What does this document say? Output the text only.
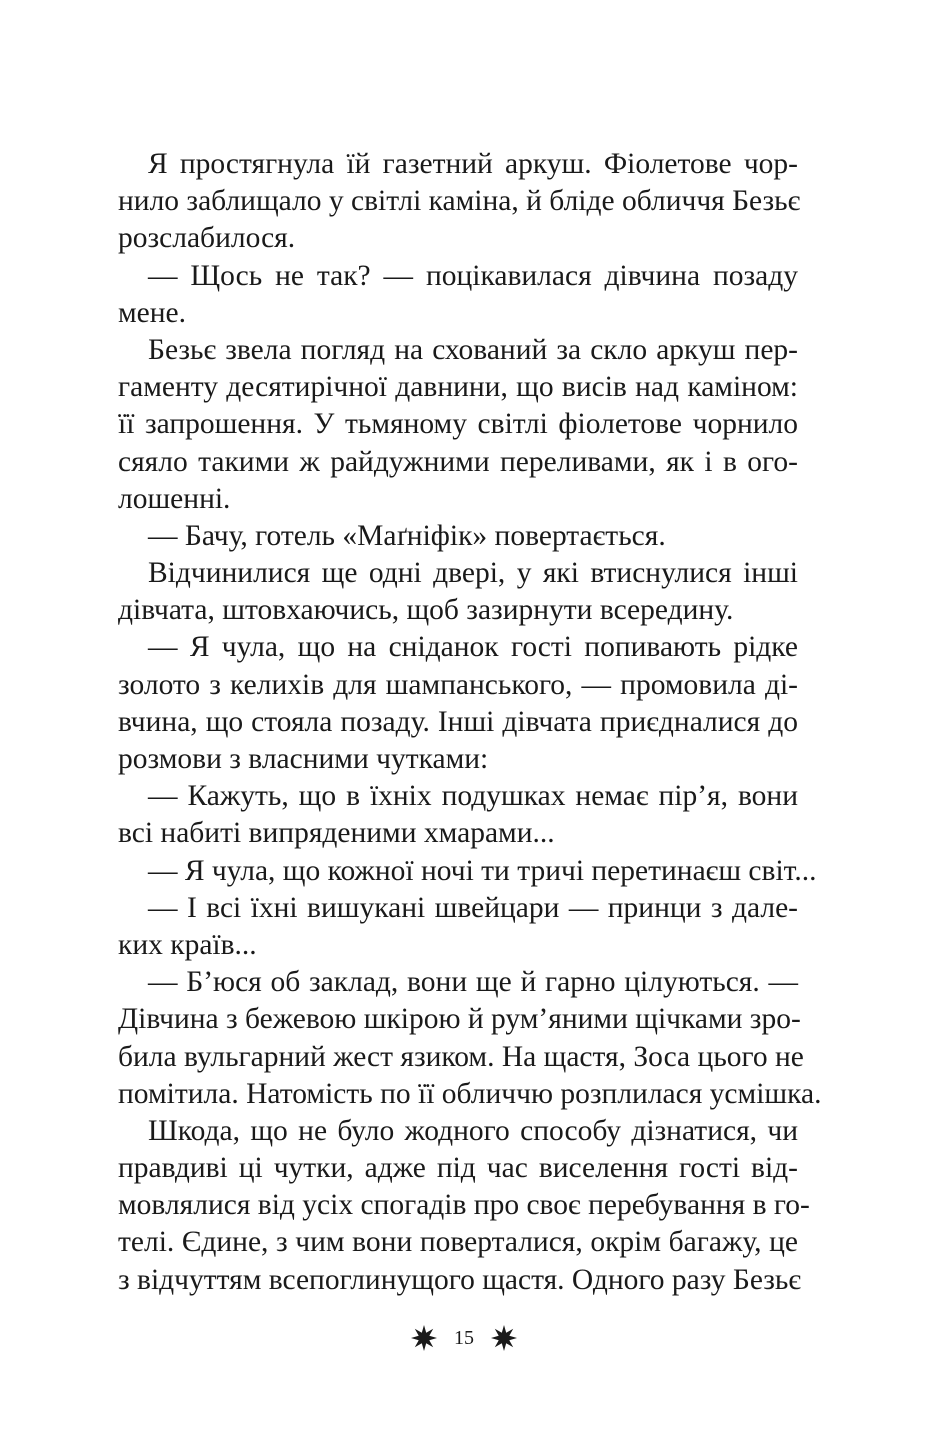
Я простягнула їй газетний аркуш. Фіолетове чор-
нило заблищало у світлі каміна, й бліде обличчя Безьє
розслабилося.
— Щось не так? — поцікавилася дівчина позаду
мене.
Безьє звела погляд на схований за скло аркуш пер-
гаменту десятирічної давнини, що висів над каміном:
її запрошення. У тьмяному світлі фіолетове чорнило
сяяло такими ж райдужними переливами, як і в ого-
лошенні.
— Бачу, готель «Маґніфік» повертається.
Відчинилися ще одні двері, у які втиснулися інші
дівчата, штовхаючись, щоб зазирнути всередину.
— Я чула, що на сніданок гості попивають рідке
золото з келихів для шампанського, — промовила ді-
вчина, що стояла позаду. Інші дівчата приєдналися до
розмови з власними чутками:
— Кажуть, що в їхніх подушках немає пір’я, вони
всі набиті випряденими хмарами...
— Я чула, що кожної ночі ти тричі перетинаєш світ...
— І всі їхні вишукані швейцари — принци з дале-
ких країв...
— Б’юся об заклад, вони ще й гарно цілуються. —
Дівчина з бежевою шкірою й рум’яними щічками зро-
била вульгарний жест язиком. На щастя, Зоса цього не
помітила. Натомість по її обличчю розплилася усмішка.
Шкода, що не було жодного способу дізнатися, чи
правдиві ці чутки, адже під час виселення гості від-
мовлялися від усіх спогадів про своє перебування в го-
телі. Єдине, з чим вони поверталися, окрім багажу, це
з відчуттям всепоглинущого щастя. Одного разу Безьє
15
